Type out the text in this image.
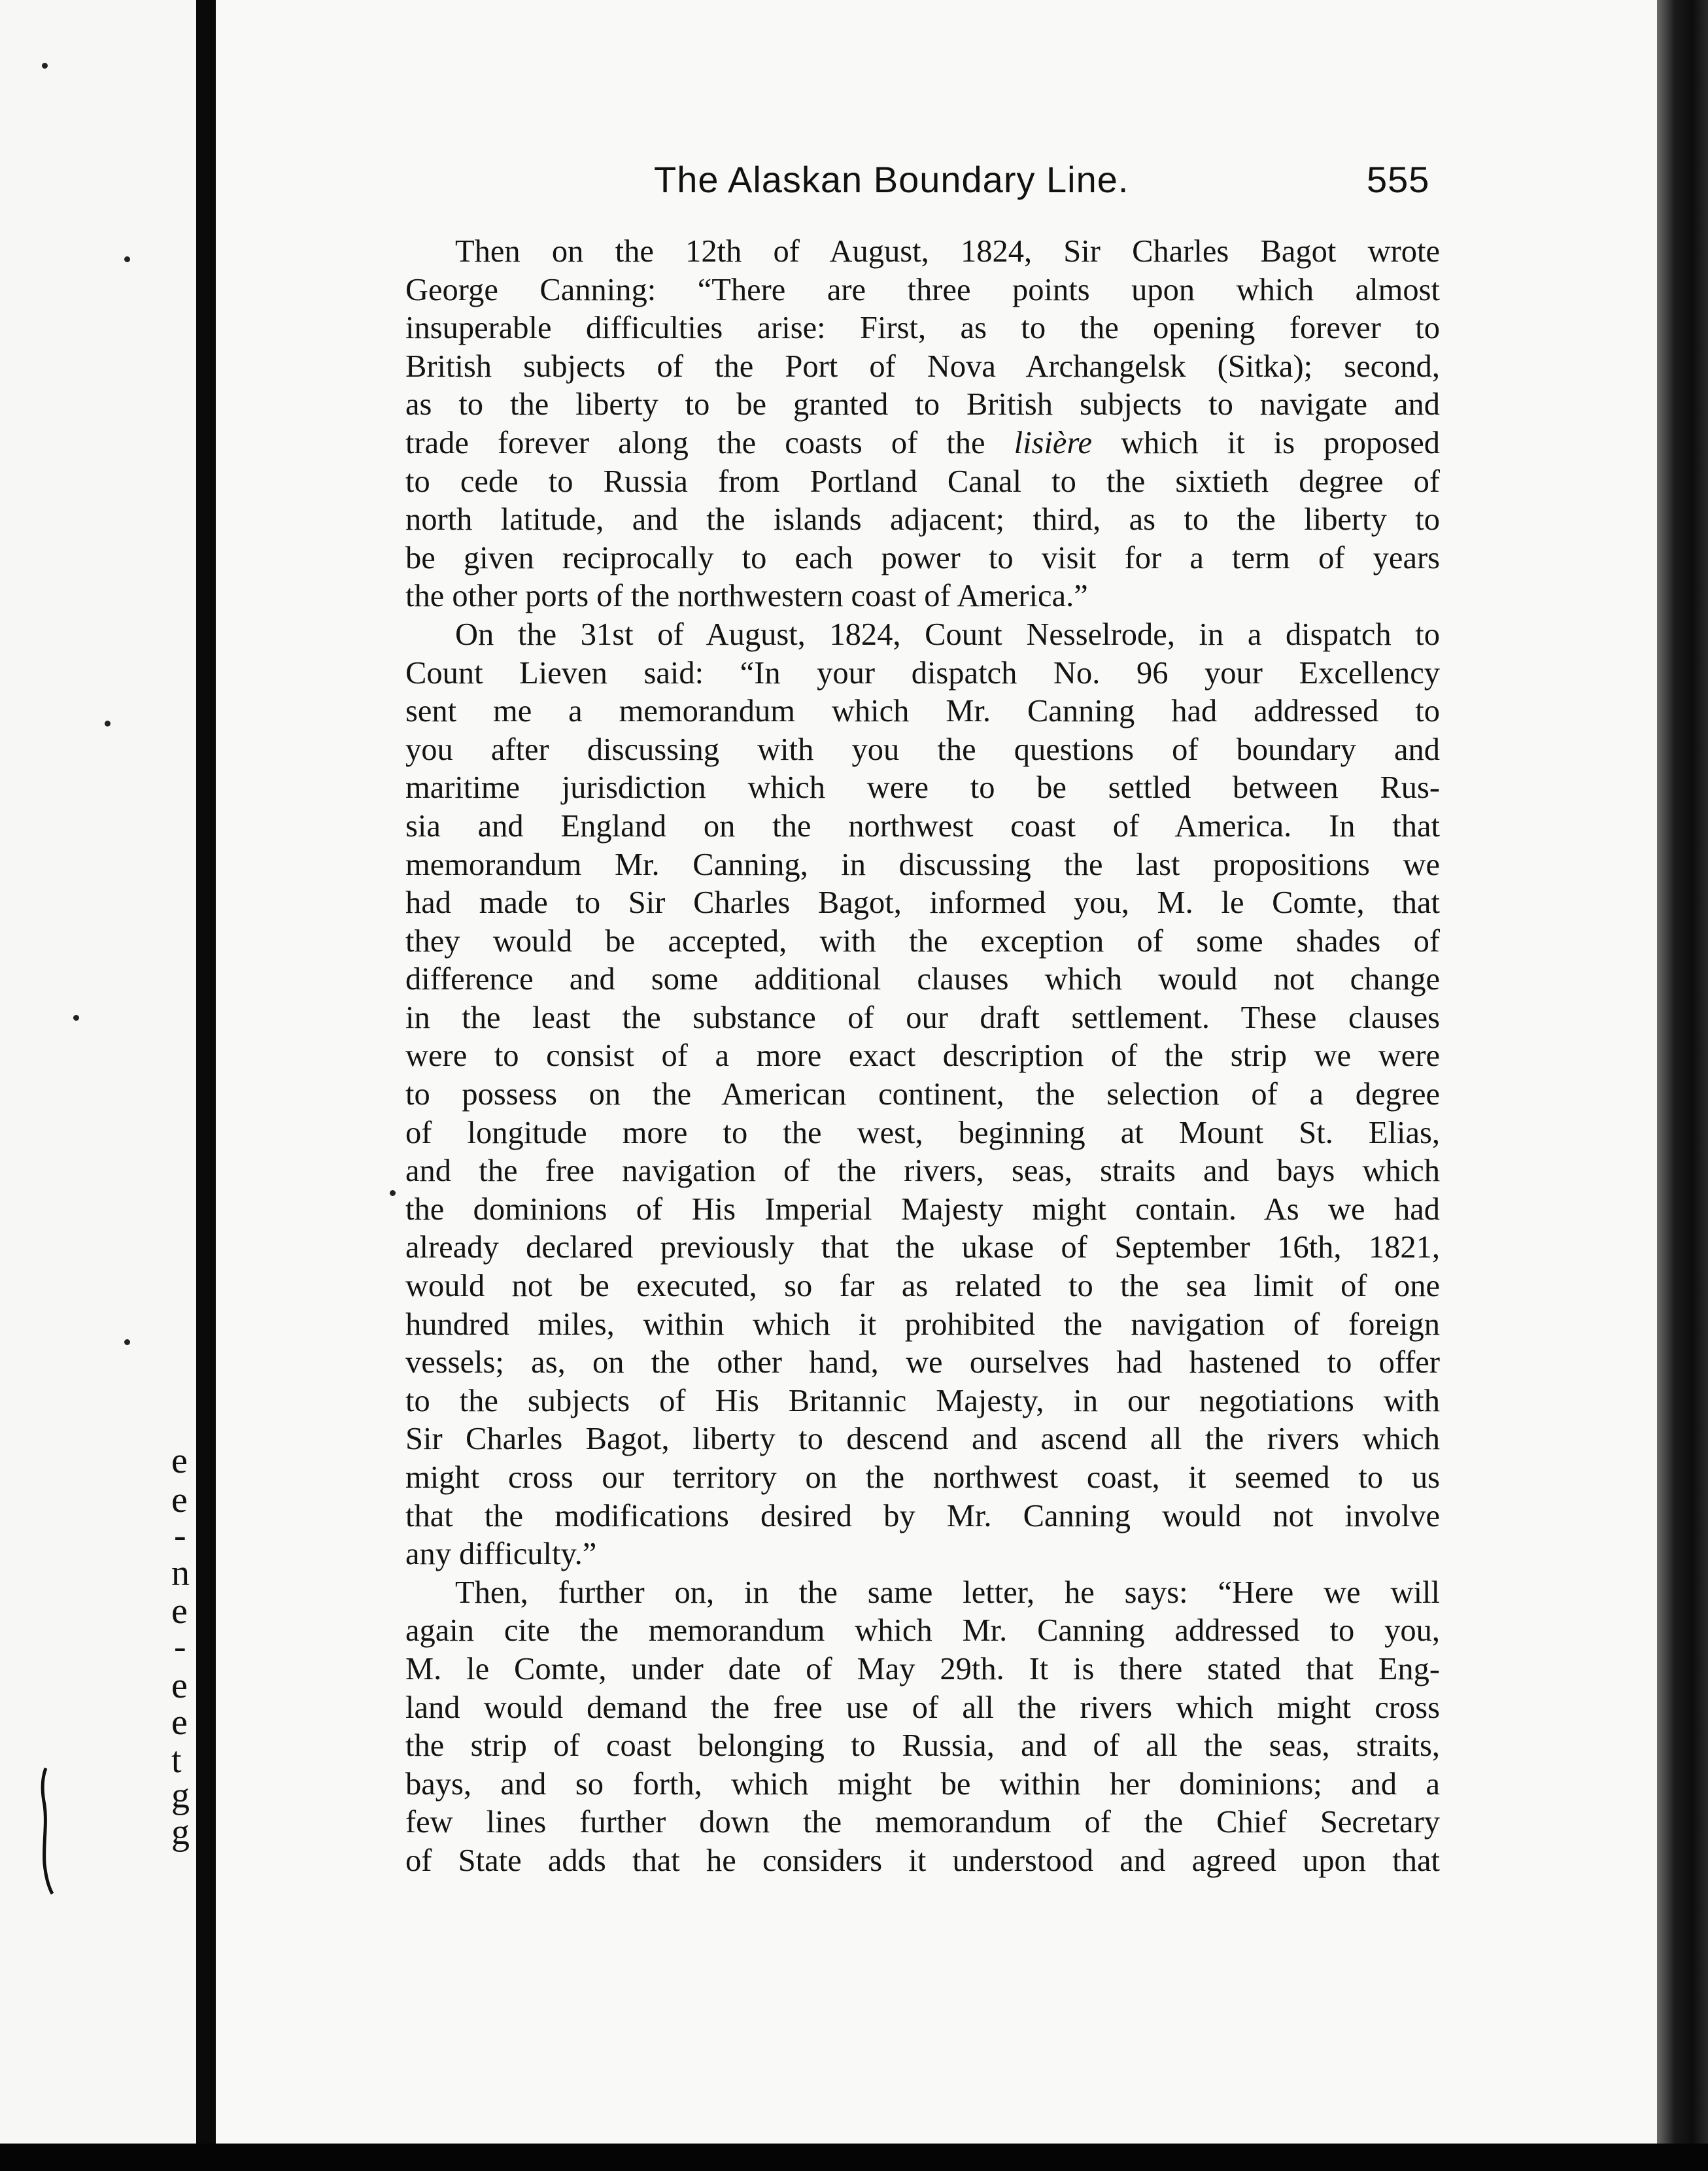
e
e
-
n
e
-
e
e
t
g
g
The Alaskan Boundary Line.	555
Then on the 12th of August, 1824, Sir Charles Bagot wrote
George Canning: “There are three points upon which almost
insuperable difficulties arise: First, as to the opening forever to
British subjects of the Port of Nova Archangelsk (Sitka); second,
as to the liberty to be granted to British subjects to navigate and
trade forever along the coasts of the lisière which it is proposed
to cede to Russia from Portland Canal to the sixtieth degree of
north latitude, and the islands adjacent; third, as to the liberty to
be given reciprocally to each power to visit for a term of years
the other ports of the northwestern coast of America.”
On the 31st of August, 1824, Count Nesselrode, in a dispatch to
Count Lieven said: “In your dispatch No. 96 your Excellency
sent me a memorandum which Mr. Canning had addressed to
you after discussing with you the questions of boundary and
maritime jurisdiction which were to be settled between Rus-
sia and England on the northwest coast of America. In that
memorandum Mr. Canning, in discussing the last propositions we
had made to Sir Charles Bagot, informed you, M. le Comte, that
they would be accepted, with the exception of some shades of
difference and some additional clauses which would not change
in the least the substance of our draft settlement. These clauses
were to consist of a more exact description of the strip we were
to possess on the American continent, the selection of a degree
of longitude more to the west, beginning at Mount St. Elias,
and the free navigation of the rivers, seas, straits and bays which
the dominions of His Imperial Majesty might contain. As we had
already declared previously that the ukase of September 16th, 1821,
would not be executed, so far as related to the sea limit of one
hundred miles, within which it prohibited the navigation of foreign
vessels; as, on the other hand, we ourselves had hastened to offer
to the subjects of His Britannic Majesty, in our negotiations with
Sir Charles Bagot, liberty to descend and ascend all the rivers which
might cross our territory on the northwest coast, it seemed to us
that the modifications desired by Mr. Canning would not involve
any difficulty.”
Then, further on, in the same letter, he says: “Here we will
again cite the memorandum which Mr. Canning addressed to you,
M. le Comte, under date of May 29th. It is there stated that Eng-
land would demand the free use of all the rivers which might cross
the strip of coast belonging to Russia, and of all the seas, straits,
bays, and so forth, which might be within her dominions; and a
few lines further down the memorandum of the Chief Secretary
of State adds that he considers it understood and agreed upon that
